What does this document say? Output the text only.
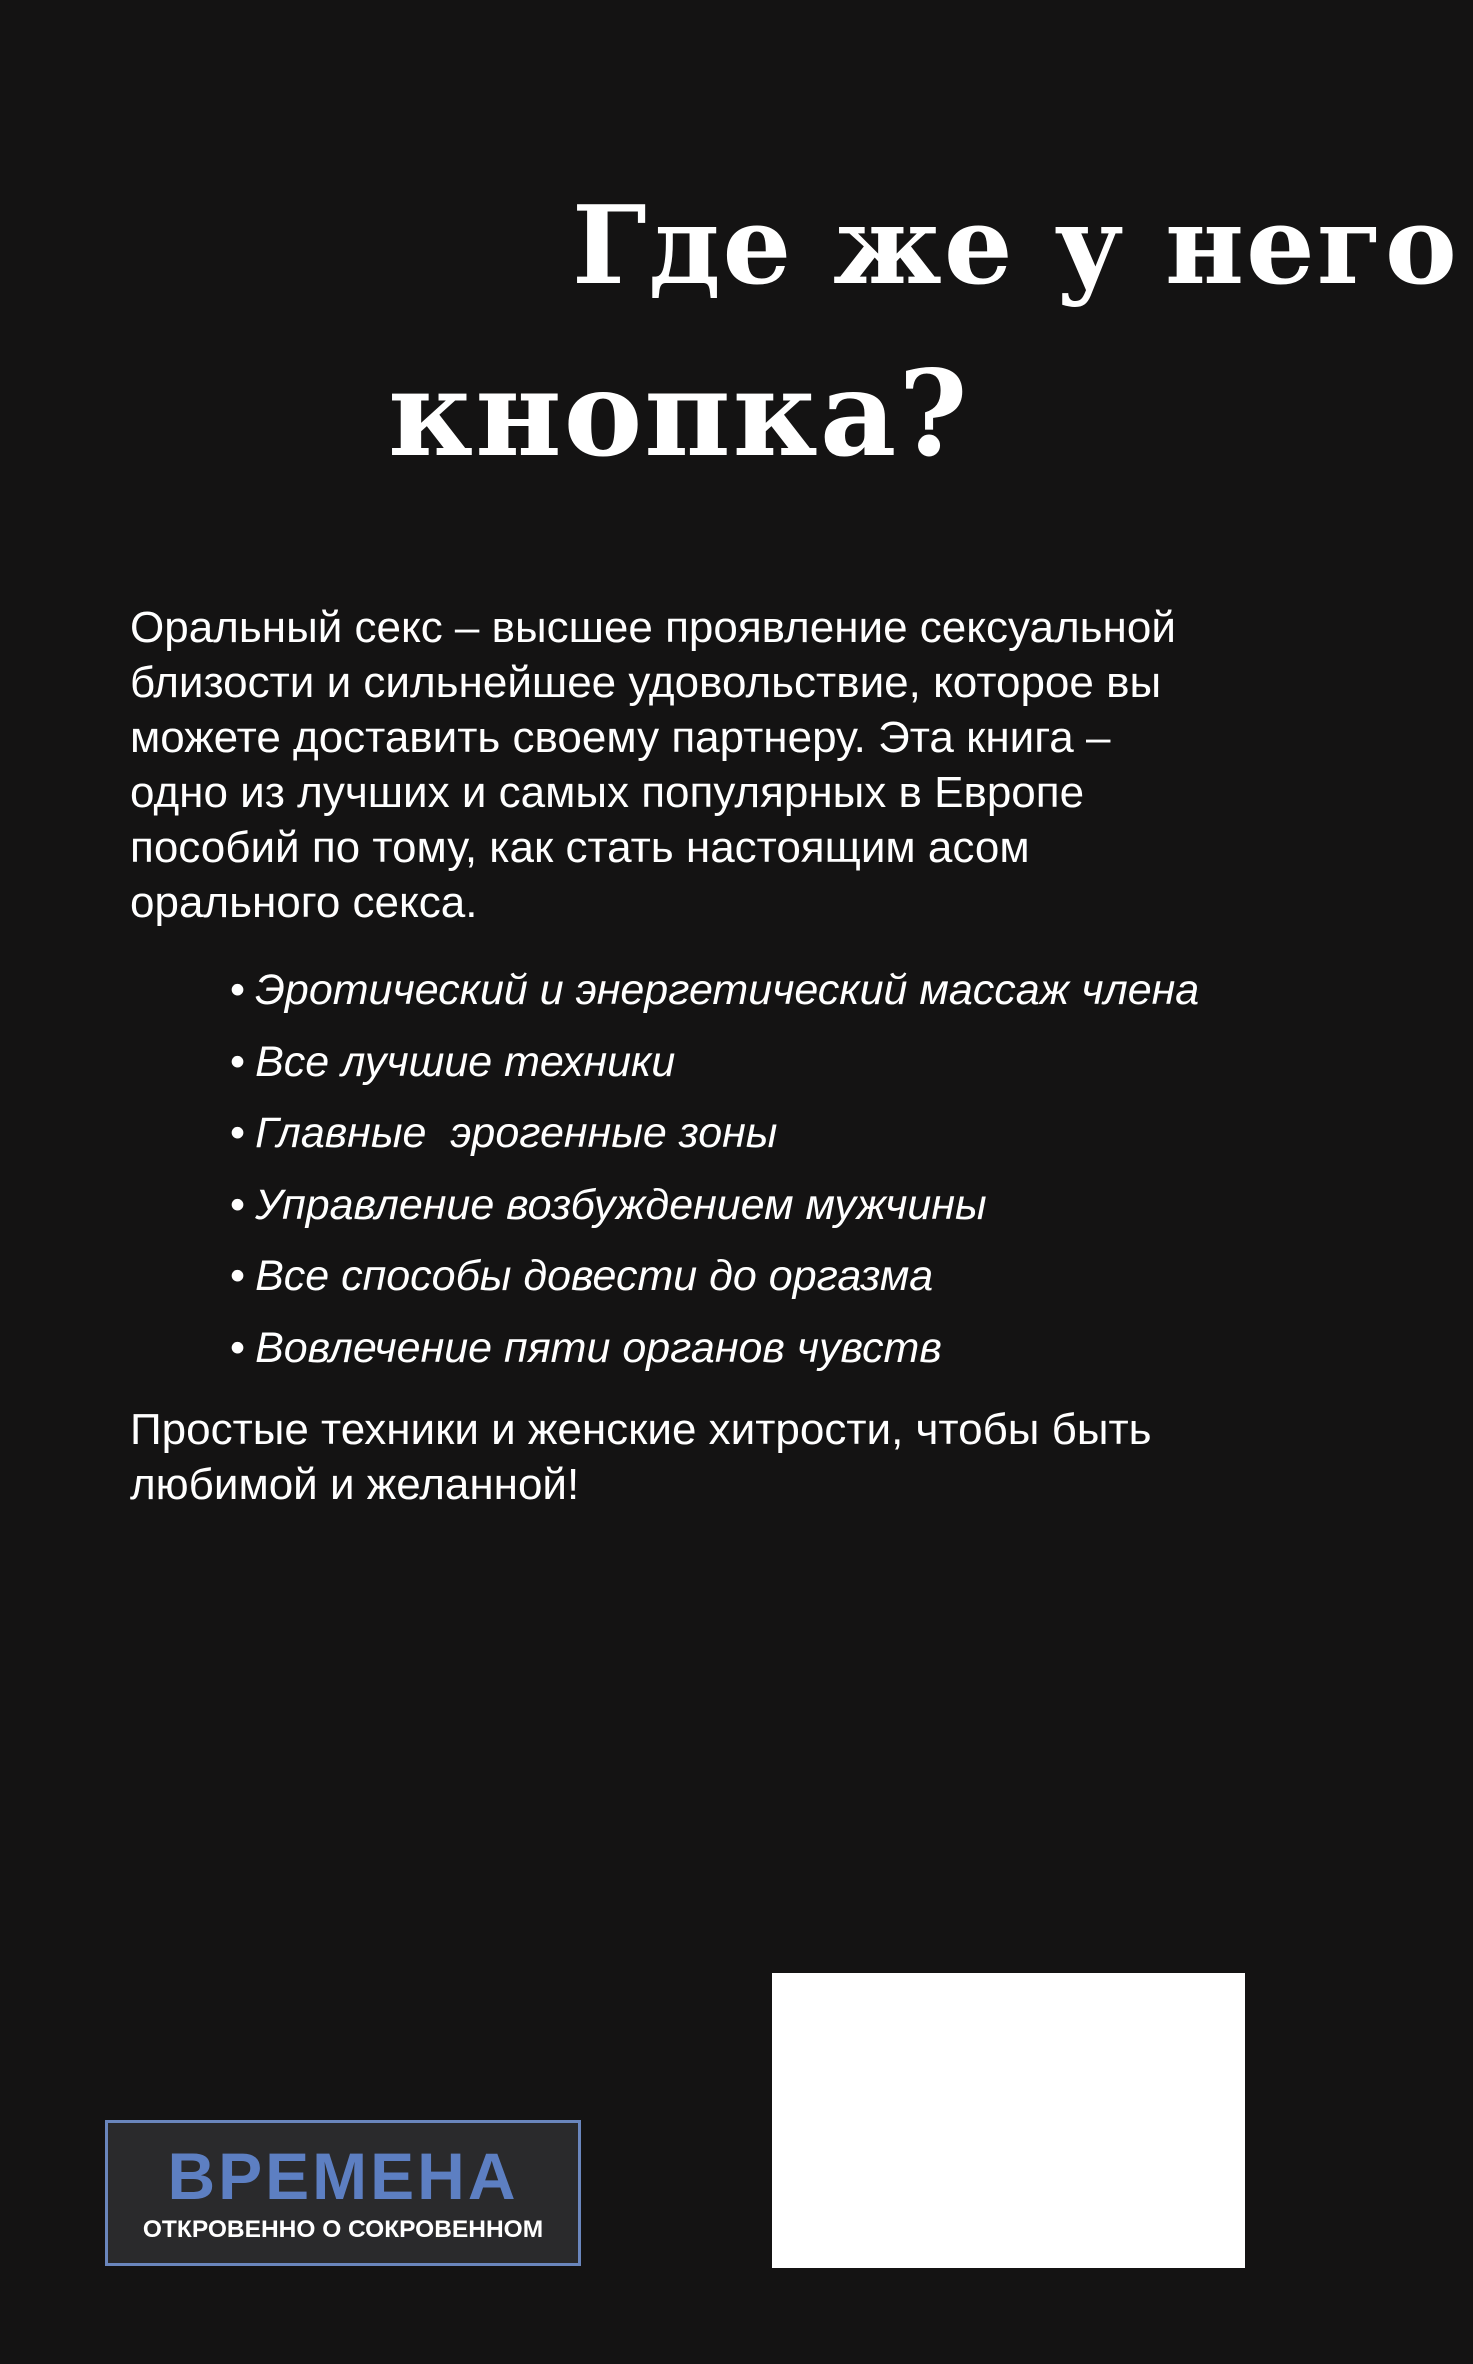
Где же у него
кнопка?
Оральный секс – высшее проявление сексуальной
близости и сильнейшее удовольствие, которое вы
можете доставить своему партнеру. Эта книга –
одно из лучших и самых популярных в Европе
пособий по тому, как стать настоящим асом
орального секса.
• Эротический и энергетический массаж члена
• Все лучшие техники
• Главные  эрогенные зоны
• Управление возбуждением мужчины
• Все способы довести до оргазма
• Вовлечение пяти органов чувств
Простые техники и женские хитрости, чтобы быть
любимой и желанной!
ВРЕМЕНА
ОТКРОВЕННО О СОКРОВЕННОМ
